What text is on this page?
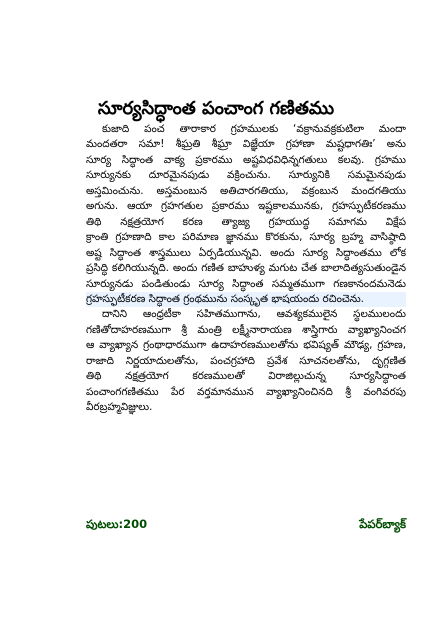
సూర్యసిద్ధాంత పంచాంగ గణితము
కుజాది పంచ తారాకార గ్రహములకు ‘వక్రానువక్రకుటిలా మందా
మందతరా సమా! శీఘ్రతి శీఘ్రా విజ్ఞేయా గ్రహాణా మష్టధాగతిః’ అను
సూర్య సిద్ధాంత వాక్య ప్రకారము అష్టవిధవిధిన్నగతులు కలవు. గ్రహము
సూర్యునకు దూరమైనపుడు వక్రించును. సూర్యునికి సమమైనపుడు
అస్తమించును. అస్తమంబున అతిచారగతియు, వక్రంబున మందగతియు
అగును. ఆయా గ్రహగతుల ప్రకారము ఇష్టకాలమునకు, గ్రహస్ఫుటీకరణము
తిథి నక్షత్రయోగ కరణ త్యాజ్య గ్రహయుద్ధ సమాగమ విక్షేప
క్రాంతి గ్రహణాది కాల పరిమాణ జ్ఞానము కొరకును, సూర్య బ్రహ్మ వాసిష్ఠాది
అష్ట సిద్ధాంత శాస్త్రములు ఏర్పడియున్నవి. అందు సూర్య సిద్ధాంతము లోక
ప్రసిద్ధి కలిగియున్నది. అందు గణిత బాహుళ్య మగుట చేత బాలాదిత్యసుతుండైన
సూర్యునడు పండితుండు సూర్య సిద్ధాంత సమ్మతముగా గణకానందమనెడు
గ్రహస్ఫుటీకరణ సిద్ధాంత గ్రంథమును సంస్కృత భాషయందు రచించెను.
దానిని ఆంధ్రటీకా సహితముగాను, ఆవశ్యకములైన స్థలములందు
గణితోదాహరణముగా శ్రీ మంత్రి లక్ష్మీనారాయణ శాస్త్రిగారు వ్యాఖ్యానించగ
ఆ వ్యాఖ్యాన గ్రంథాధారముగా ఉదాహరణములతోను భవిష్యత్ మౌఢ్య, గ్రహణ,
రాజాది నిర్ణయాదులతోను, పంచగ్రహాది ప్రవేశ సూచనలతోను, దృగ్గణిత
తిథి నక్షత్రయోగ కరణములతో విరాజిల్లుచున్న సూర్యసిద్ధాంత
పంచాంగగణితము పేర వర్తమానమున వ్యాఖ్యానించినది శ్రీ వంగివరపు
వీరబ్రహ్మవిజ్ఞులు.
పుటలు:200	పేపర్‌బ్యాక్
